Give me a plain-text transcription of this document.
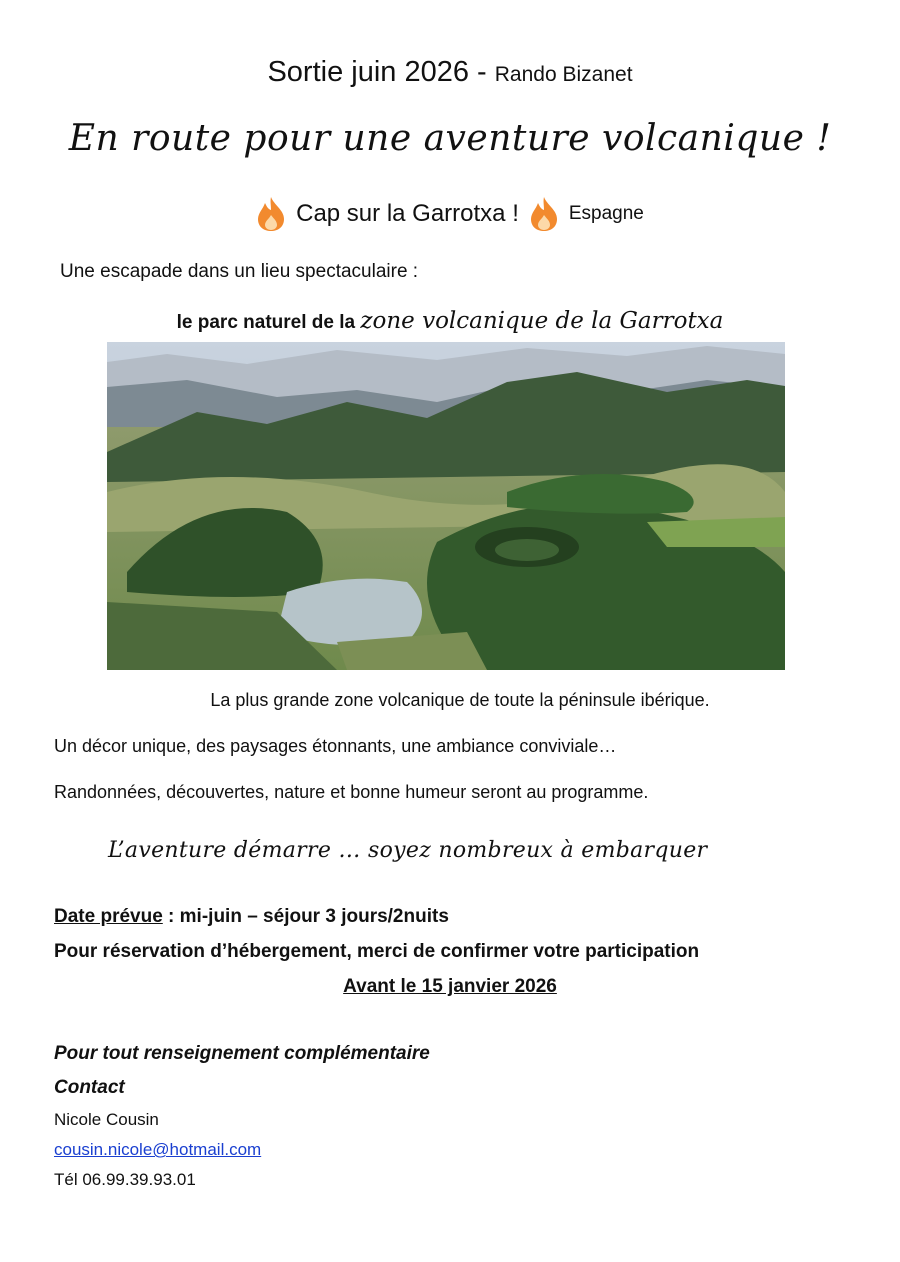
Sortie juin 2026 - Rando Bizanet
En route pour une aventure volcanique !
Cap sur la Garrotxa !	Espagne
Une escapade dans un lieu spectaculaire :
le parc naturel de la zone volcanique de la Garrotxa
La plus grande zone volcanique de toute la péninsule ibérique.
Un décor unique, des paysages étonnants, une ambiance conviviale…
Randonnées, découvertes, nature et bonne humeur seront au programme.
L’aventure démarre … soyez nombreux à embarquer
Date prévue : mi-juin – séjour 3 jours/2nuits
Pour réservation d’hébergement, merci de confirmer votre participation
Avant le 15 janvier 2026
Pour tout renseignement complémentaire
Contact
Nicole Cousin
cousin.nicole@hotmail.com
Tél 06.99.39.93.01
